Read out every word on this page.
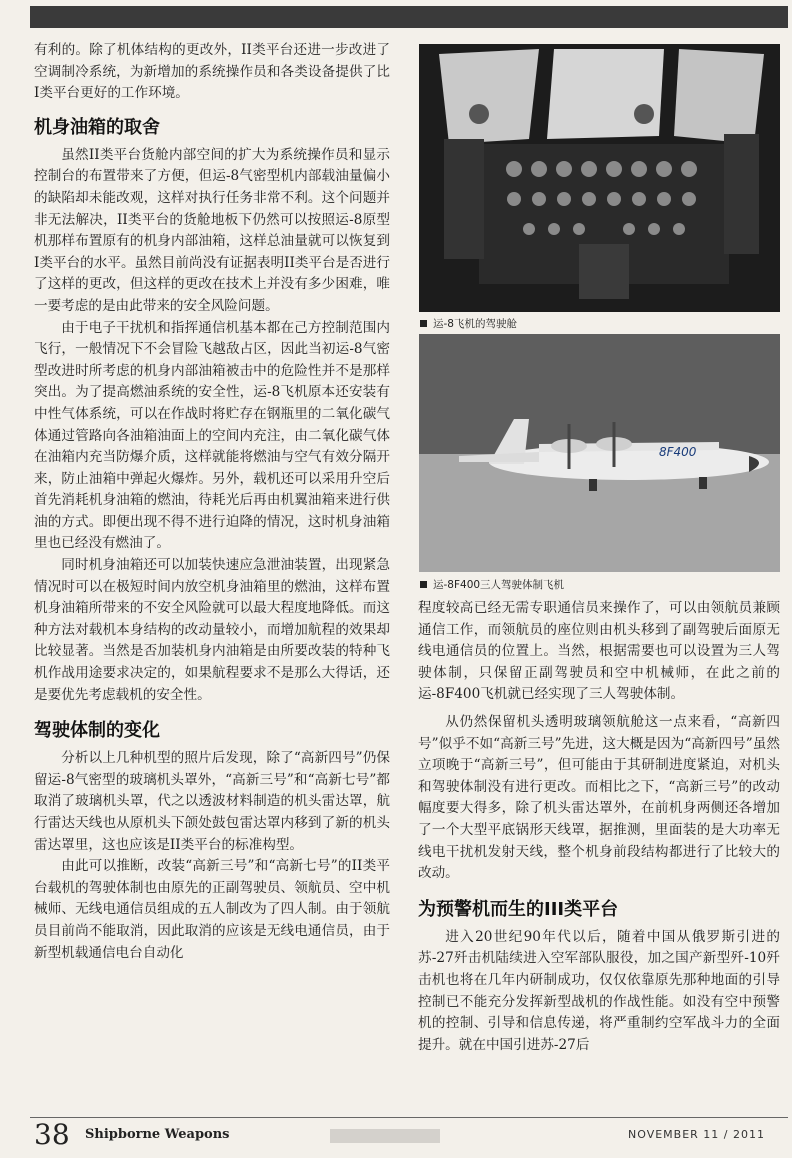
有利的。除了机体结构的更改外，II类平台还进一步改进了空调制冷系统，为新增加的系统操作员和各类设备提供了比I类平台更好的工作环境。

机身油箱的取舍

虽然II类平台货舱内部空间的扩大为系统操作员和显示控制台的布置带来了方便，但运-8气密型机内部载油量偏小的缺陷却未能改观，这样对执行任务非常不利。这个问题并非无法解决，II类平台的货舱地板下仍然可以按照运-8原型机那样布置原有的机身内部油箱，这样总油量就可以恢复到I类平台的水平。虽然目前尚没有证据表明II类平台是否进行了这样的更改，但这样的更改在技术上并没有多少困难，唯一要考虑的是由此带来的安全风险问题。

由于电子干扰机和指挥通信机基本都在己方控制范围内飞行，一般情况下不会冒险飞越敌占区，因此当初运-8气密型改进时所考虑的机身内部油箱被击中的危险性并不是那样突出。为了提高燃油系统的安全性，运-8飞机原本还安装有中性气体系统，可以在作战时将贮存在钢瓶里的二氧化碳气体通过管路向各油箱油面上的空间内充注，由二氧化碳气体在油箱内充当防爆介质，这样就能将燃油与空气有效分隔开来，防止油箱中弹起火爆炸。另外，载机还可以采用升空后首先消耗机身油箱的燃油，待耗光后再由机翼油箱来进行供油的方式。即便出现不得不进行迫降的情况，这时机身油箱里也已经没有燃油了。

同时机身油箱还可以加装快速应急泄油装置，出现紧急情况时可以在极短时间内放空机身油箱里的燃油，这样布置机身油箱所带来的不安全风险就可以最大程度地降低。而这种方法对载机本身结构的改动量较小，而增加航程的效果却比较显著。当然是否加装机身内油箱是由所要改装的特种飞机作战用途要求决定的，如果航程要求不是那么大得话，还是要优先考虑载机的安全性。

驾驶体制的变化

分析以上几种机型的照片后发现，除了“高新四号”仍保留运-8气密型的玻璃机头罩外，“高新三号”和“高新七号”都取消了玻璃机头罩，代之以透波材料制造的机头雷达罩，航行雷达天线也从原机头下颌处鼓包雷达罩内移到了新的机头雷达罩里，这也应该是II类平台的标准构型。

由此可以推断，改装“高新三号”和“高新七号”的II类平台载机的驾驶体制也由原先的正副驾驶员、领航员、空中机械师、无线电通信员组成的五人制改为了四人制。由于领航员目前尚不能取消，因此取消的应该是无线电通信员，由于新型机载通信电台自动化

运-8飞机的驾驶舱
8F400
运-8F400三人驾驶体制飞机

程度较高已经无需专职通信员来操作了，可以由领航员兼顾通信工作，而领航员的座位则由机头移到了副驾驶后面原无线电通信员的位置上。当然，根据需要也可以设置为三人驾驶体制，只保留正副驾驶员和空中机械师，在此之前的运-8F400飞机就已经实现了三人驾驶体制。

从仍然保留机头透明玻璃领航舱这一点来看，“高新四号”似乎不如“高新三号”先进，这大概是因为“高新四号”虽然立项晚于“高新三号”，但可能由于其研制进度紧迫，对机头和驾驶体制没有进行更改。而相比之下，“高新三号”的改动幅度要大得多，除了机头雷达罩外，在前机身两侧还各增加了一个大型平底锅形天线罩，据推测，里面装的是大功率无线电干扰机发射天线，整个机身前段结构都进行了比较大的改动。

为预警机而生的III类平台

进入20世纪90年代以后，随着中国从俄罗斯引进的苏-27歼击机陆续进入空军部队服役，加之国产新型歼-10歼击机也将在几年内研制成功，仅仅依靠原先那种地面的引导控制已不能充分发挥新型战机的作战性能。如没有空中预警机的控制、引导和信息传递，将严重制约空军战斗力的全面提升。就在中国引进苏-27后

38 Shipborne Weapons	NOVEMBER 11 / 2011
